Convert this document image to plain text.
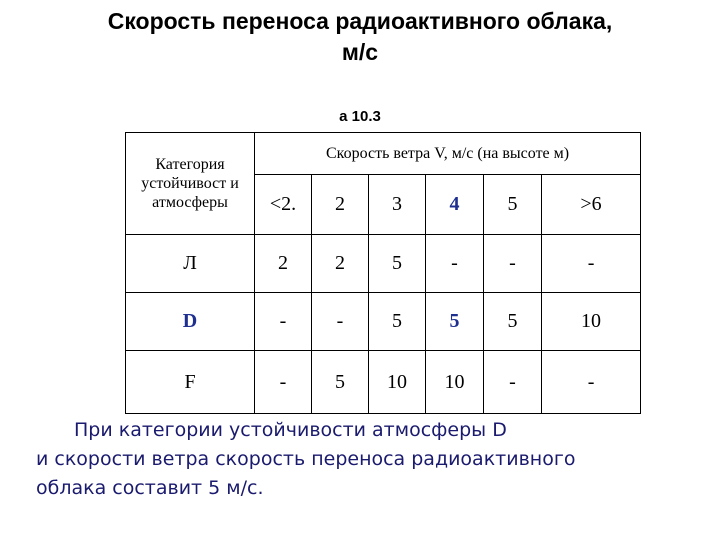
Скорость переноса радиоактивного облака,
м/с
а 10.3
Категория устойчивост и атмосферы	Скорость ветра V, м/с (на высоте м)					
	<2.	2	3	4	5	>6
Л	2	2	5	-	-	-
D	-	-	5	5	5	10
F	-	5	10	10	-	-
При категории устойчивости атмосферы D
и скорости ветра скорость переноса радиоактивного
облака составит 5 м/с.
